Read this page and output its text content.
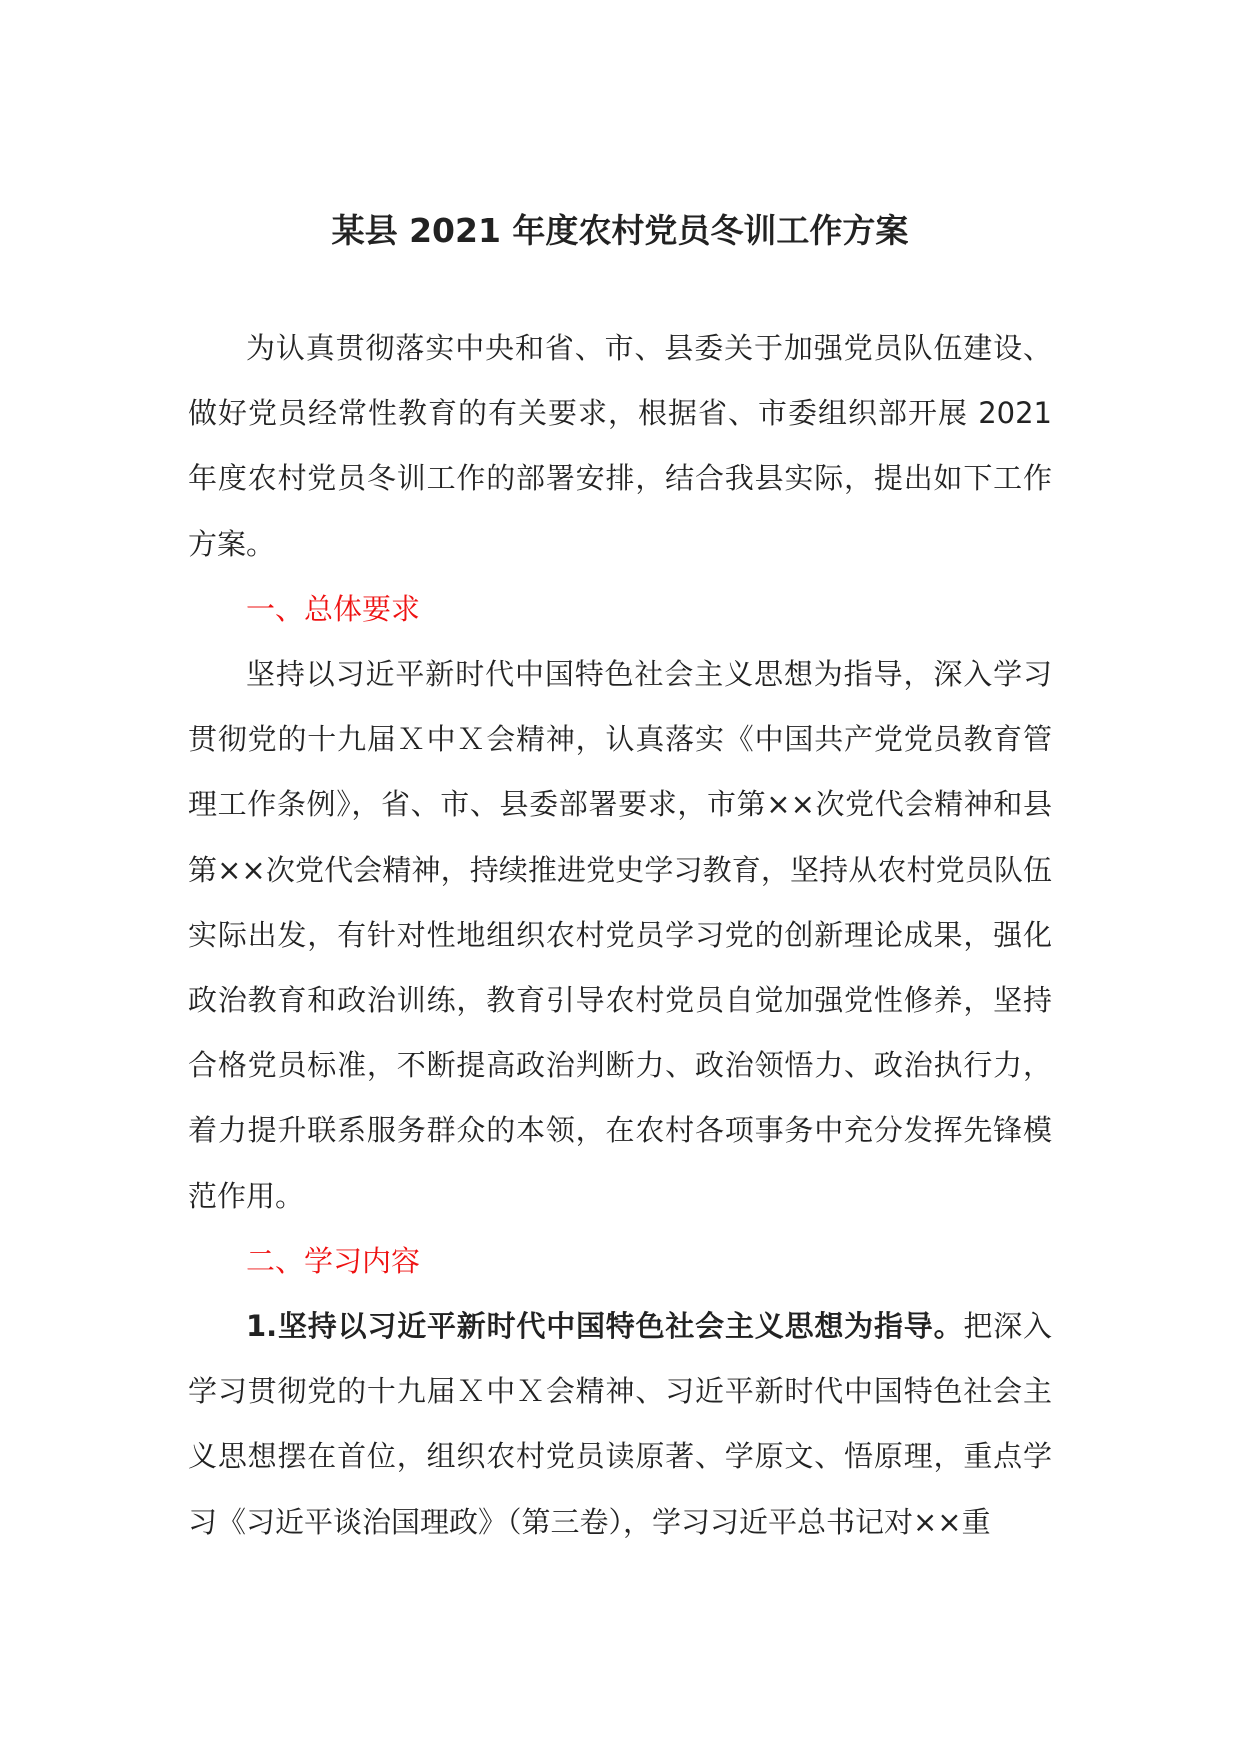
某县 2021 年度农村党员冬训工作方案

为认真贯彻落实中央和省、市、县委关于加强党员队伍建设、做好党员经常性教育的有关要求，根据省、市委组织部开展 2021 年度农村党员冬训工作的部署安排，结合我县实际，提出如下工作方案。

一、总体要求

坚持以习近平新时代中国特色社会主义思想为指导，深入学习贯彻党的十九届Ｘ中Ｘ会精神，认真落实《中国共产党党员教育管理工作条例》，省、市、县委部署要求，市第××次党代会精神和县第××次党代会精神，持续推进党史学习教育，坚持从农村党员队伍实际出发，有针对性地组织农村党员学习党的创新理论成果，强化政治教育和政治训练，教育引导农村党员自觉加强党性修养，坚持合格党员标准，不断提高政治判断力、政治领悟力、政治执行力，着力提升联系服务群众的本领，在农村各项事务中充分发挥先锋模范作用。

二、学习内容

1.坚持以习近平新时代中国特色社会主义思想为指导。把深入学习贯彻党的十九届Ｘ中Ｘ会精神、习近平新时代中国特色社会主义思想摆在首位，组织农村党员读原著、学原文、悟原理，重点学习《习近平谈治国理政》（第三卷），学习习近平总书记对××重
